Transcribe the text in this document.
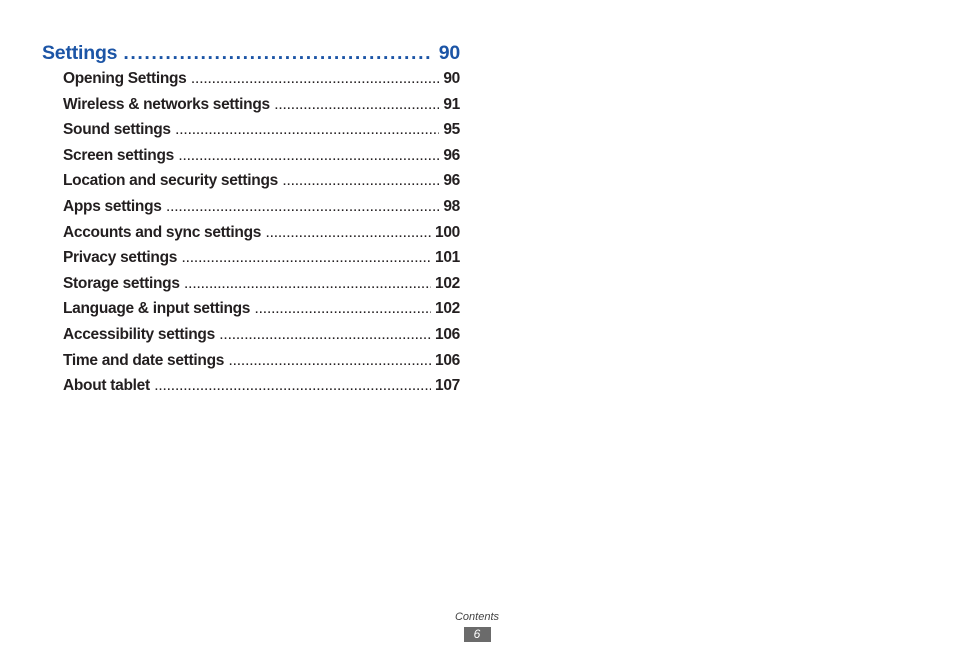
Settings .....	90
Opening Settings .....	90
Wireless & networks settings .....	91
Sound settings .....	95
Screen settings .....	96
Location and security settings .....	96
Apps settings .....	98
Accounts and sync settings .....	100
Privacy settings .....	101
Storage settings .....	102
Language & input settings .....	102
Accessibility settings .....	106
Time and date settings .....	106
About tablet .....	107
Contents
6
